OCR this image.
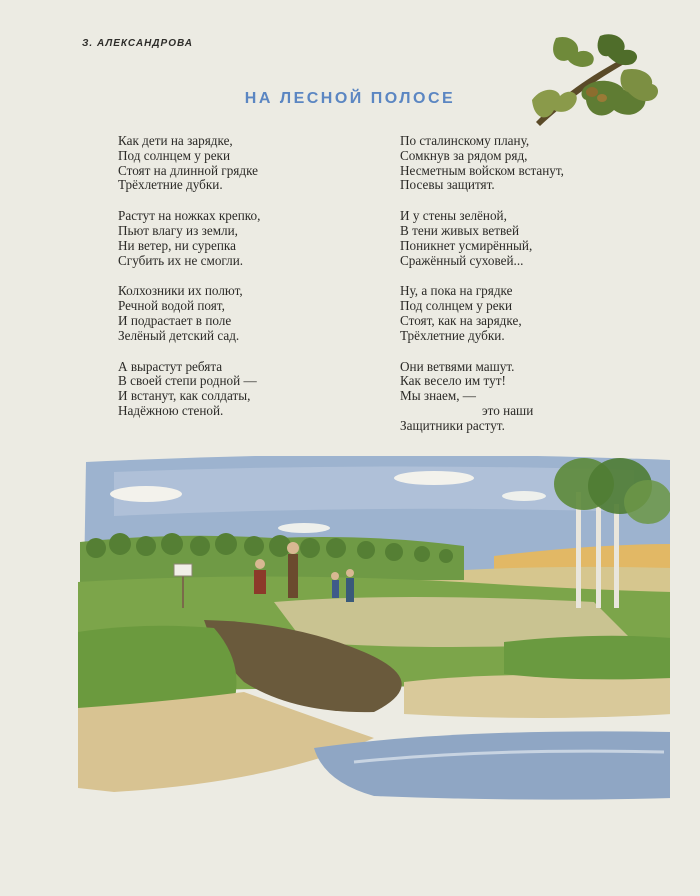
З. АЛЕКСАНДРОВА
НА ЛЕСНОЙ ПОЛОСЕ
Как дети на зарядке,
Под солнцем у реки
Стоят на длинной грядке
Трёхлетние дубки.
Растут на ножках крепко,
Пьют влагу из земли,
Ни ветер, ни сурепка
Сгубить их не смогли.
Колхозники их полют,
Речной водой поят,
И подрастает в поле
Зелёный детский сад.
А вырастут ребята
В своей степи родной —
И встанут, как солдаты,
Надёжною стеной.
По сталинскому плану,
Сомкнув за рядом ряд,
Несметным войском встанут,
Посевы защитят.
И у стены зелёной,
В тени живых ветвей
Поникнет усмирённый,
Сражённый суховей...
Ну, а пока на грядке
Под солнцем у реки
Стоят, как на зарядке,
Трёхлетние дубки.
Они ветвями машут.
Как весело им тут!
Мы знаем, —
это наши
Защитники растут.
